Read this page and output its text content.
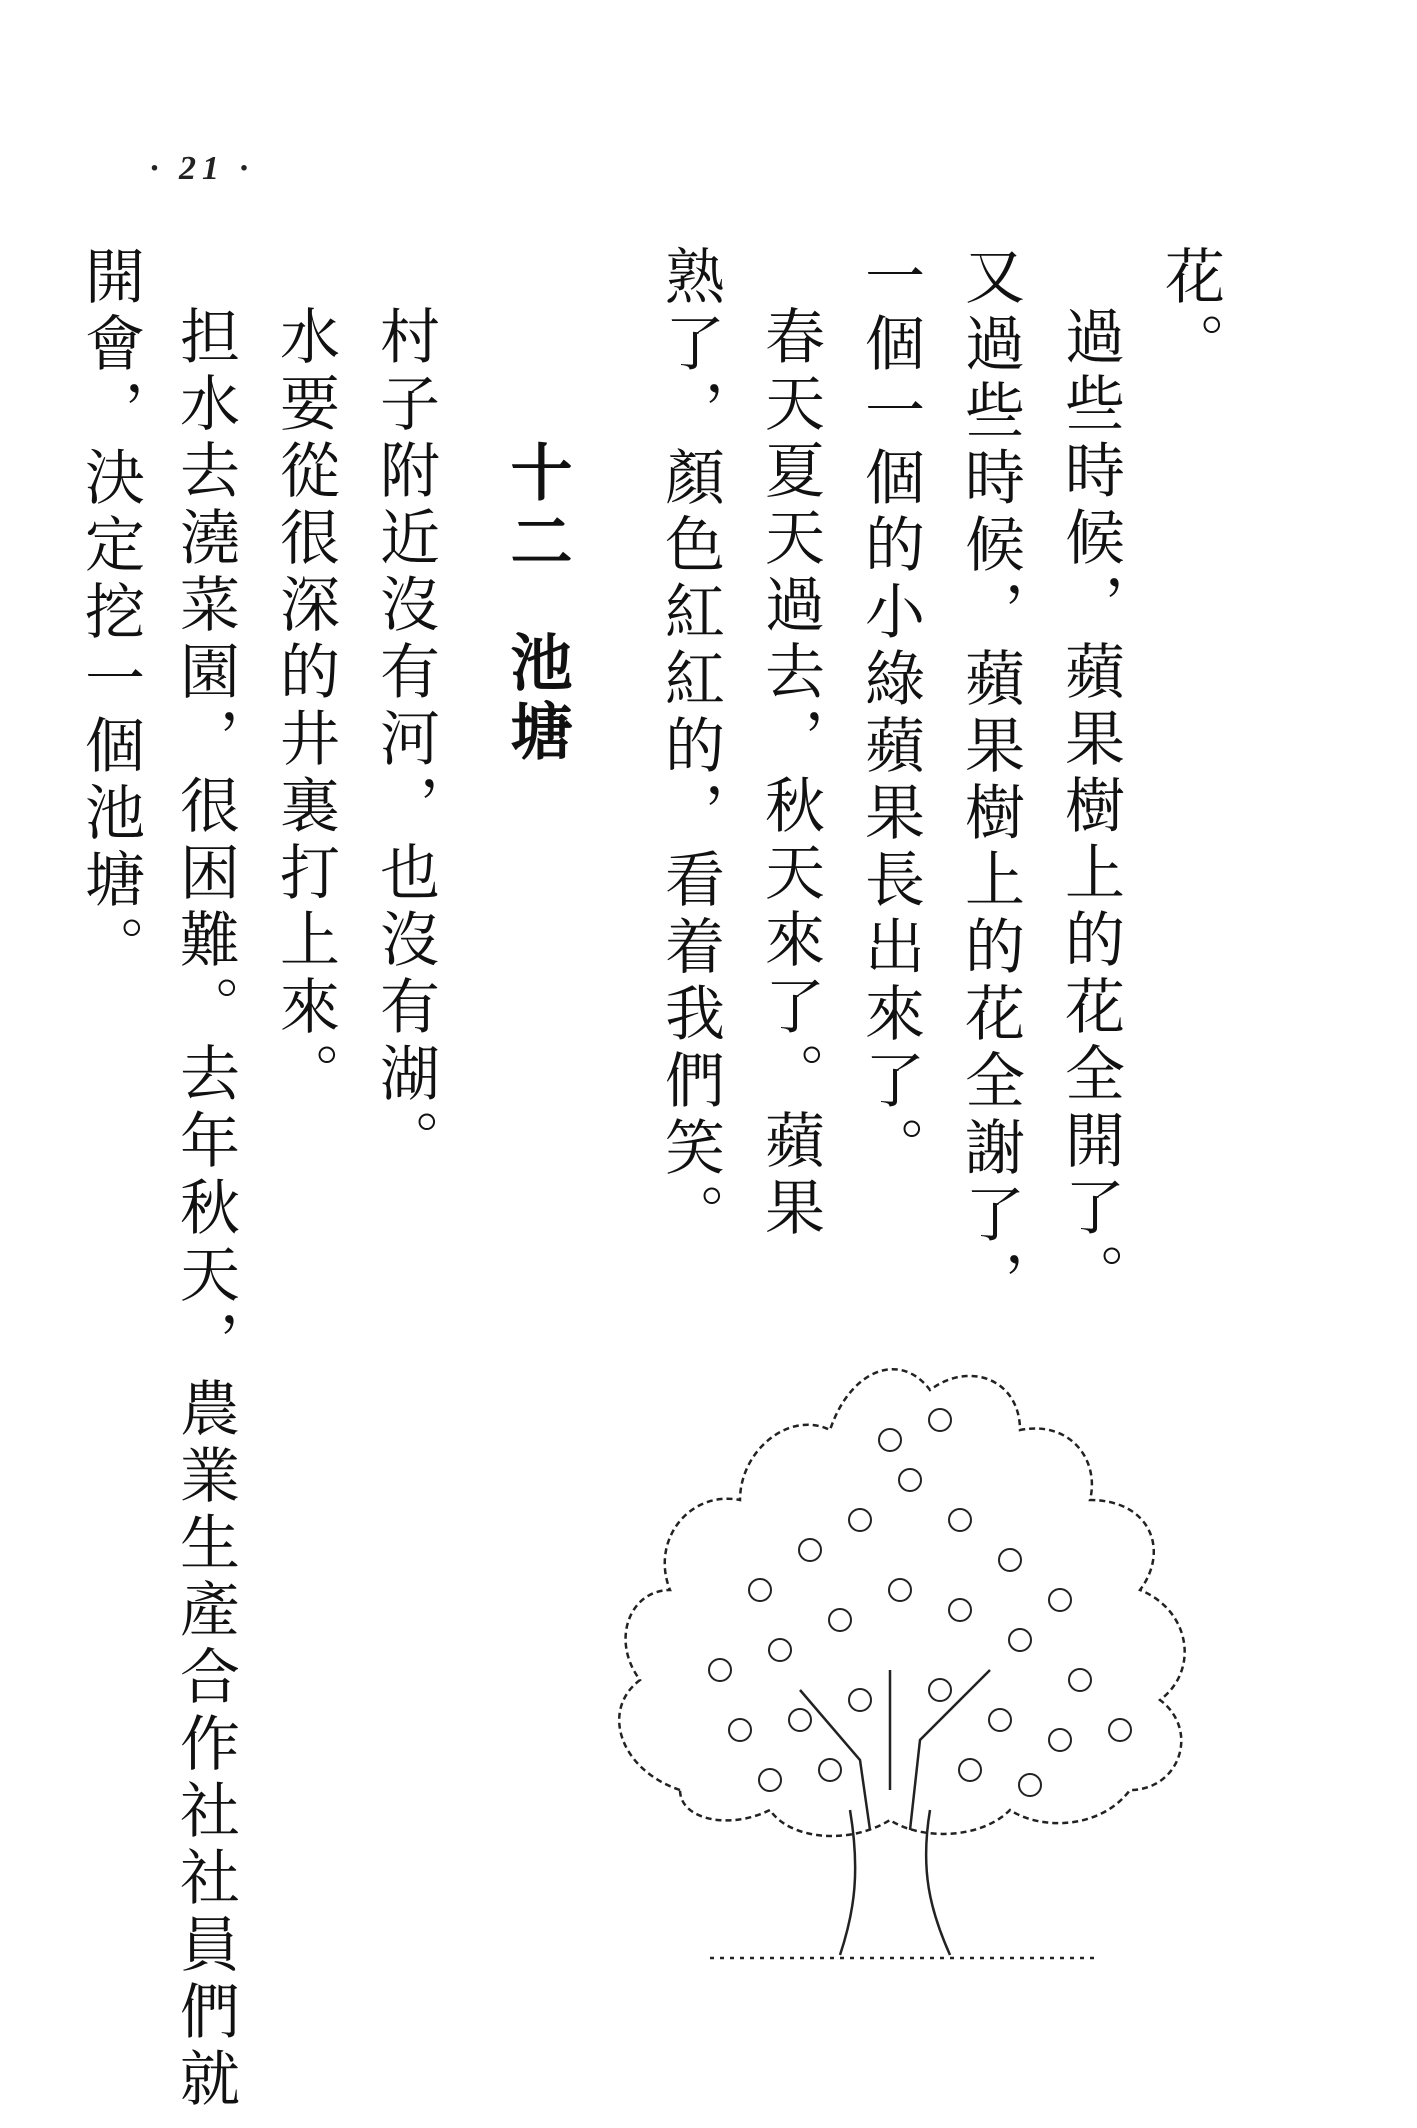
· 21 ·
花。
過些時候，蘋果樹上的花全開了。
又過些時候，蘋果樹上的花全謝了，
一個一個的小綠蘋果長出來了。
春天夏天過去，秋天來了。蘋果
熟了，顏色紅紅的，看着我們笑。
十二
池塘
村子附近沒有河，也沒有湖。
水要從很深的井裏打上來。
担水去澆菜園，很困難。去年秋天，農業生產合作社社員們就
開會，決定挖一個池塘。
